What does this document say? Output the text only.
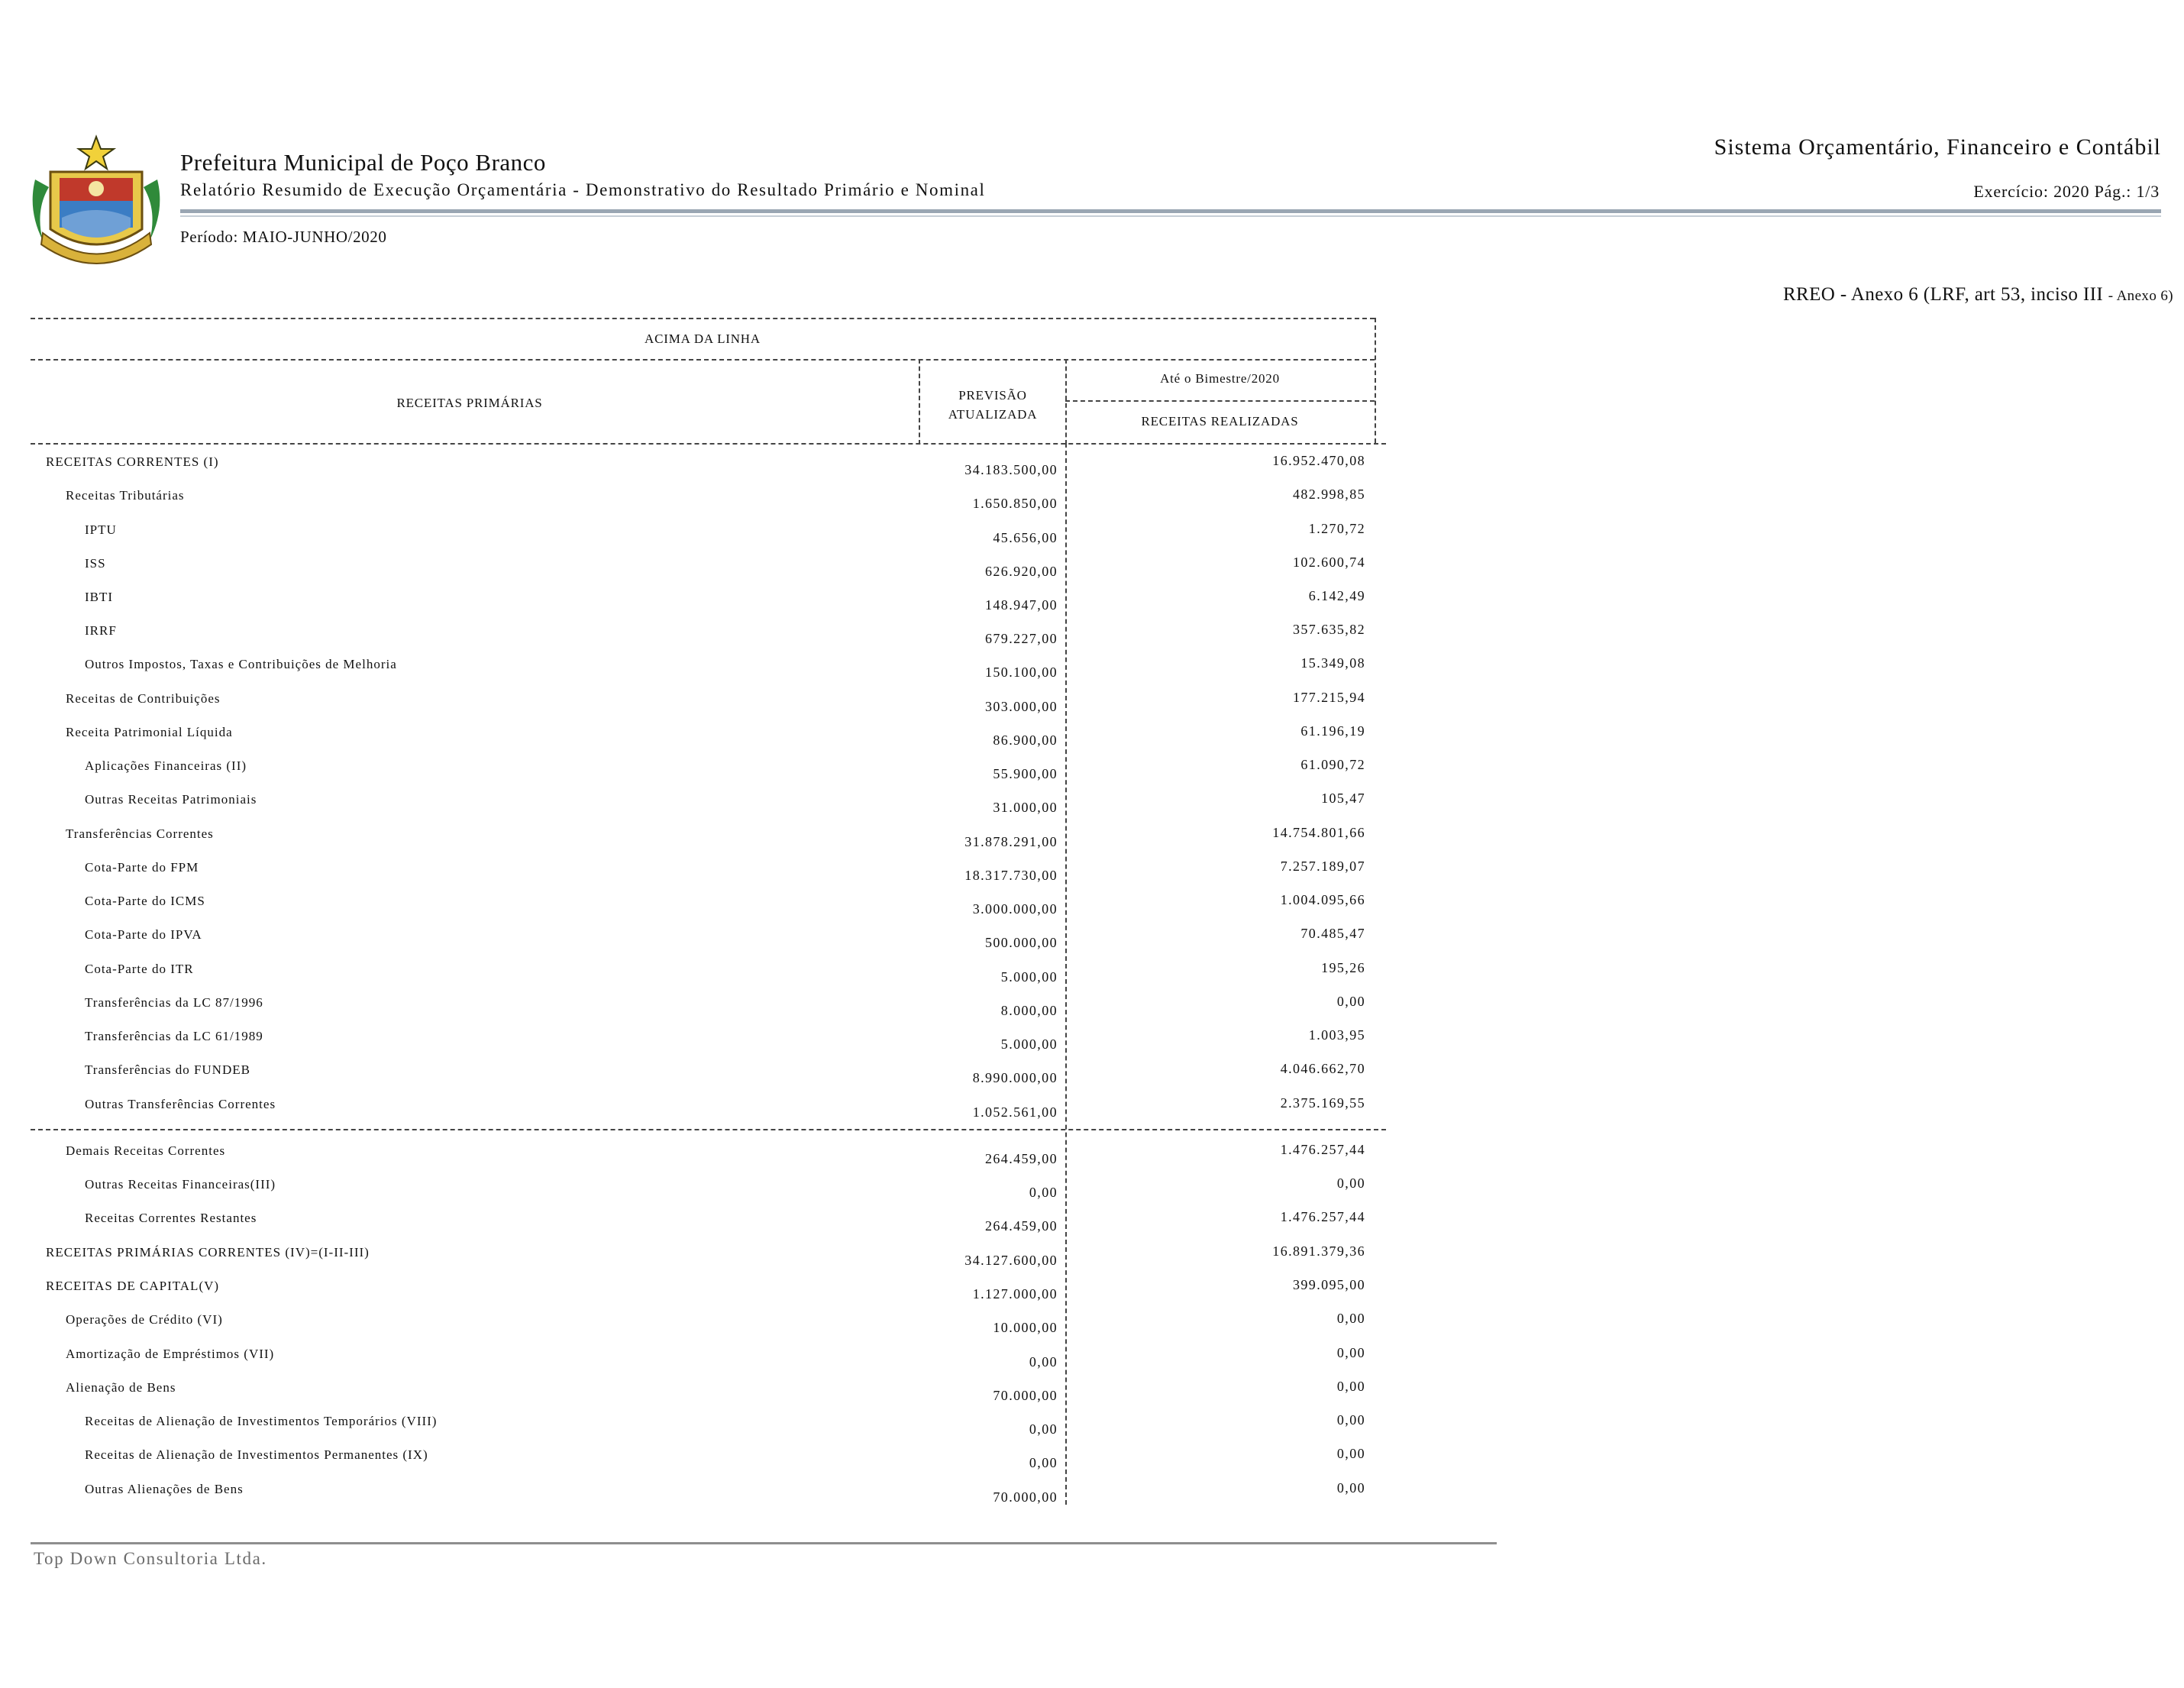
Prefeitura Municipal de Poço Branco
Relatório Resumido de Execução Orçamentária - Demonstrativo do Resultado Primário e Nominal
Período: MAIO-JUNHO/2020
Sistema Orçamentário, Financeiro e Contábil
Exercício: 2020 Pág.: 1/3
RREO - Anexo 6 (LRF, art 53, inciso III - Anexo 6)
ACIMA DA LINHA
RECEITAS PRIMÁRIAS
PREVISÃO
ATUALIZADA
Até o Bimestre/2020
RECEITAS REALIZADAS
RECEITAS CORRENTES (I)
34.183.500,00
16.952.470,08
Receitas Tributárias
1.650.850,00
482.998,85
IPTU
45.656,00
1.270,72
ISS
626.920,00
102.600,74
IBTI
148.947,00
6.142,49
IRRF
679.227,00
357.635,82
Outros Impostos, Taxas e Contribuições de Melhoria
150.100,00
15.349,08
Receitas de Contribuições
303.000,00
177.215,94
Receita Patrimonial Líquida
86.900,00
61.196,19
Aplicações Financeiras (II)
55.900,00
61.090,72
Outras Receitas Patrimoniais
31.000,00
105,47
Transferências Correntes
31.878.291,00
14.754.801,66
Cota-Parte do FPM
18.317.730,00
7.257.189,07
Cota-Parte do ICMS
3.000.000,00
1.004.095,66
Cota-Parte do IPVA
500.000,00
70.485,47
Cota-Parte do ITR
5.000,00
195,26
Transferências da LC 87/1996
8.000,00
0,00
Transferências da LC 61/1989
5.000,00
1.003,95
Transferências do FUNDEB
8.990.000,00
4.046.662,70
Outras Transferências Correntes
1.052.561,00
2.375.169,55
Demais Receitas Correntes
264.459,00
1.476.257,44
Outras Receitas Financeiras(III)
0,00
0,00
Receitas Correntes Restantes
264.459,00
1.476.257,44
RECEITAS PRIMÁRIAS CORRENTES (IV)=(I-II-III)
34.127.600,00
16.891.379,36
RECEITAS DE CAPITAL(V)
1.127.000,00
399.095,00
Operações de Crédito (VI)
10.000,00
0,00
Amortização de Empréstimos (VII)
0,00
0,00
Alienação de Bens
70.000,00
0,00
Receitas de Alienação de Investimentos Temporários (VIII)
0,00
0,00
Receitas de Alienação de Investimentos Permanentes (IX)
0,00
0,00
Outras Alienações de Bens
70.000,00
0,00
Top Down Consultoria Ltda.
